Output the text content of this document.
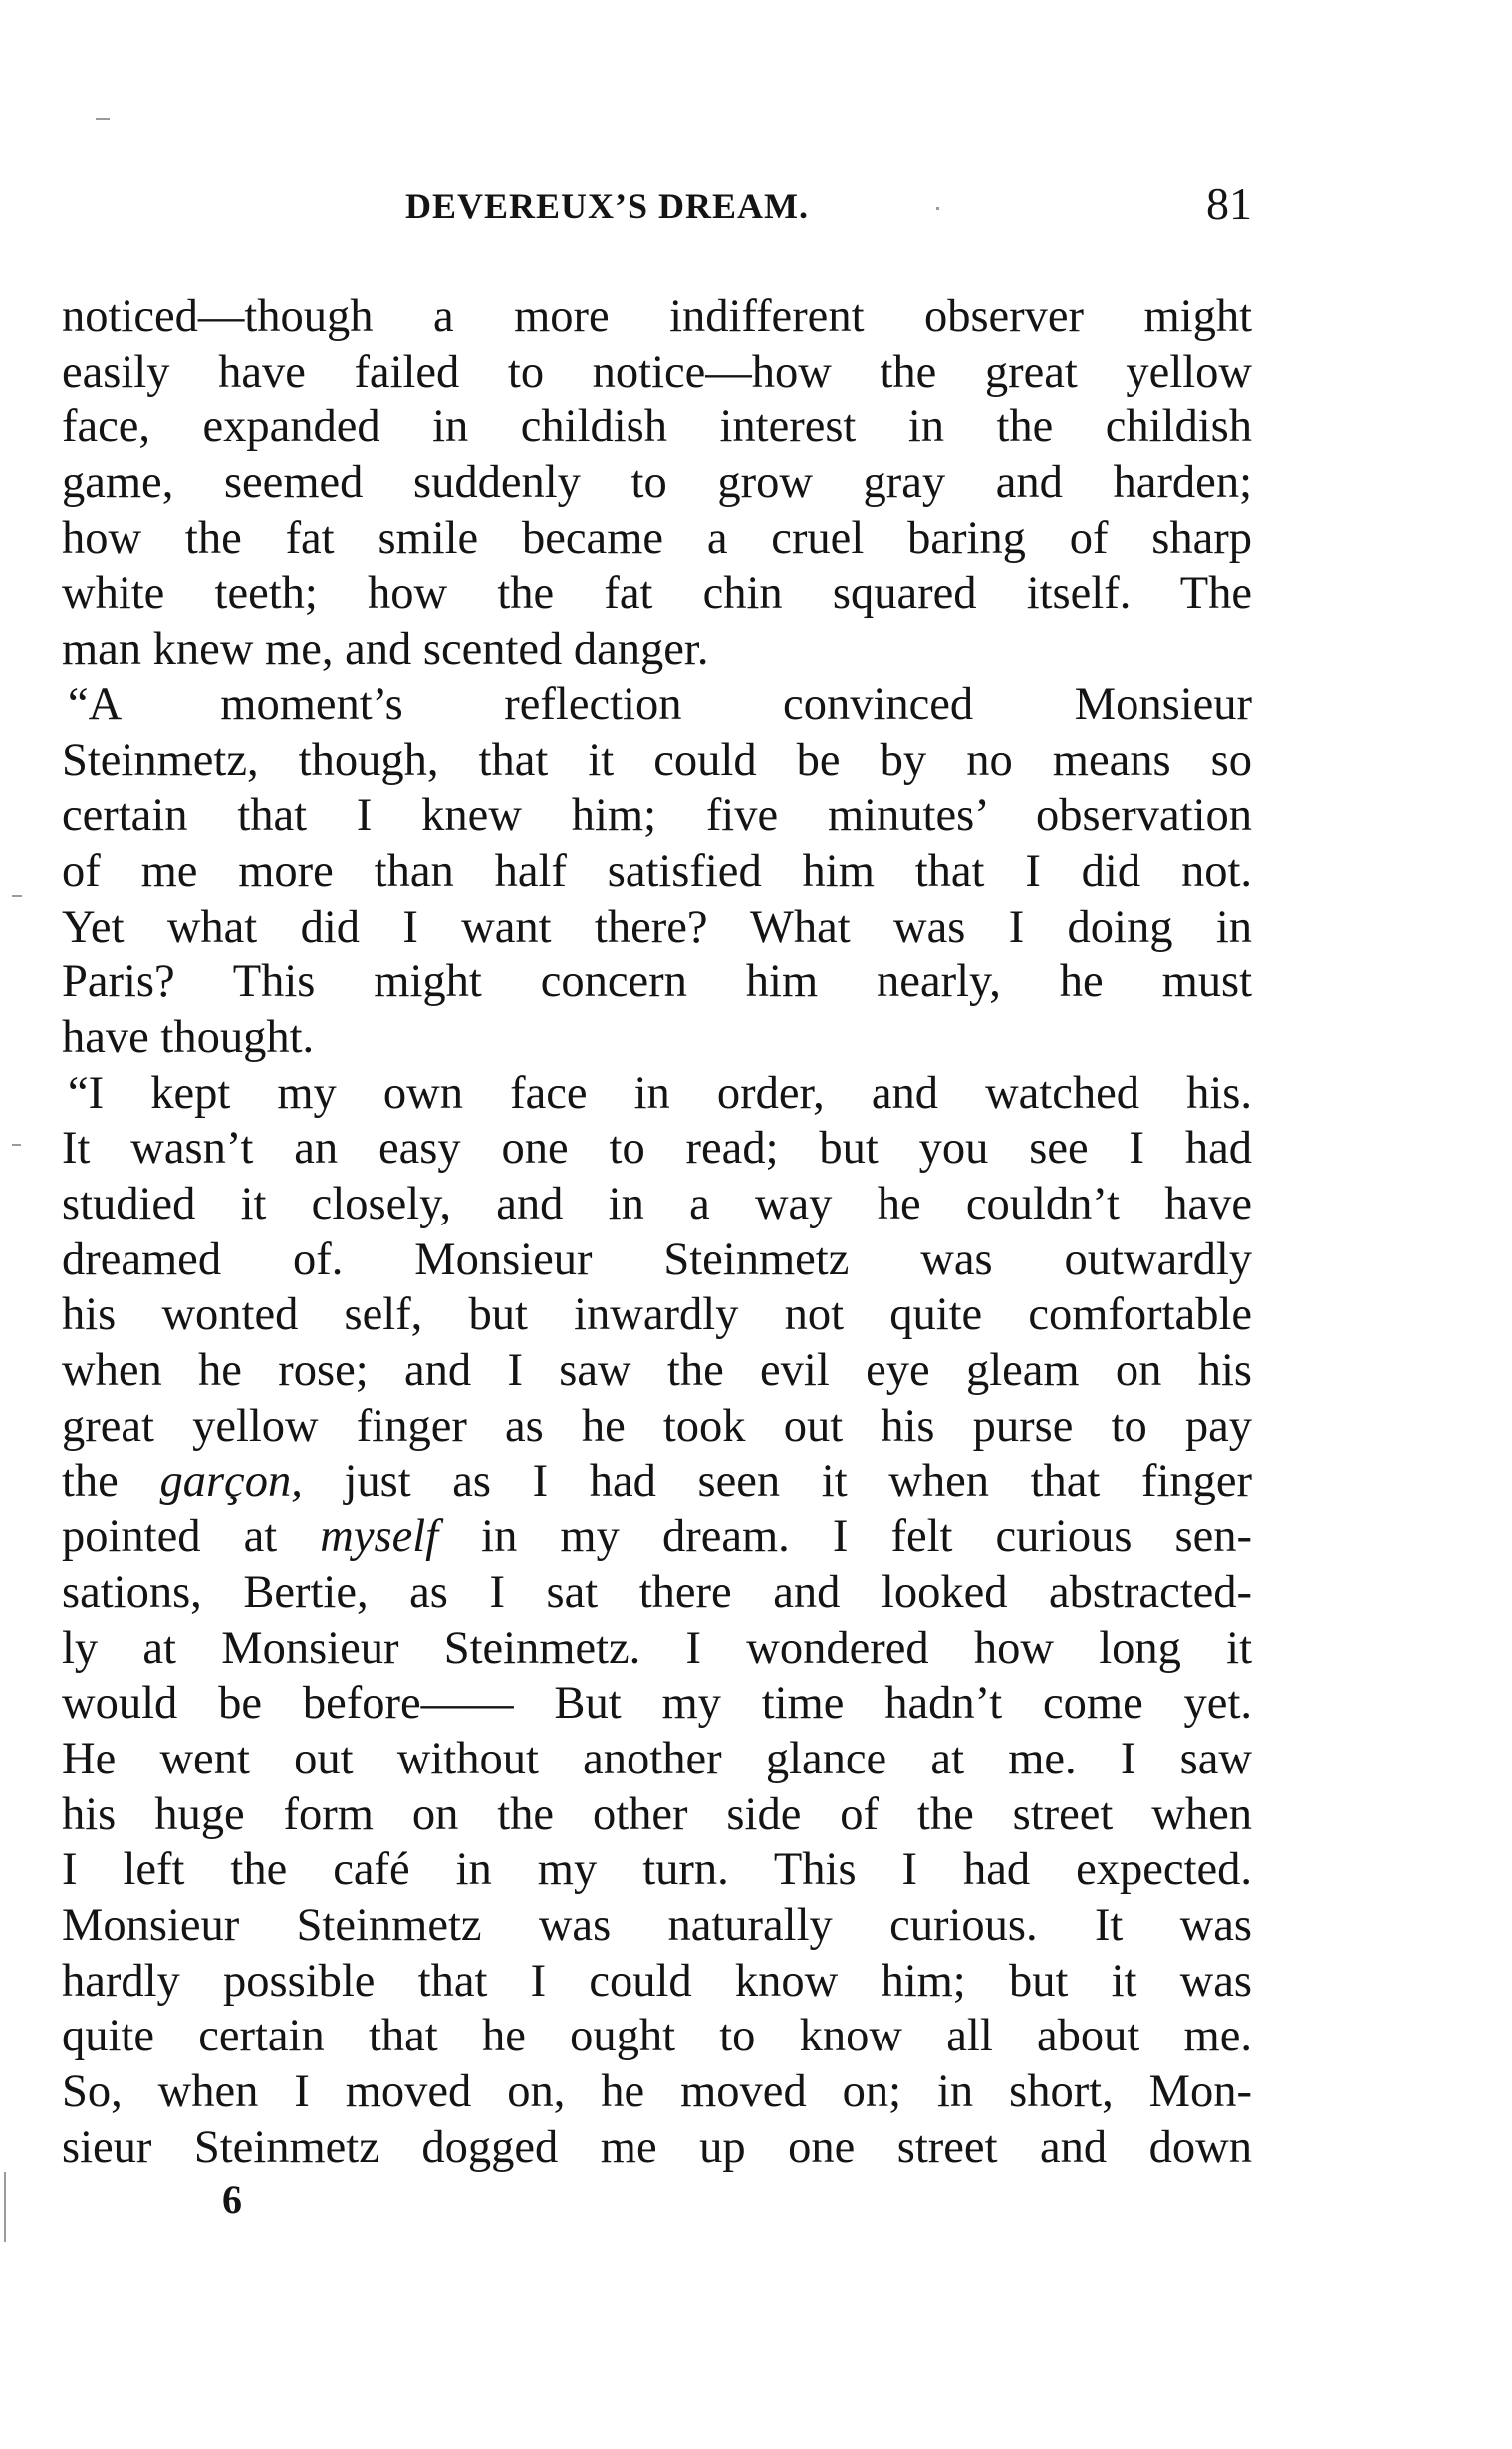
DEVEREUX’S DREAM.	81
noticed—though a more indifferent observer might
easily have failed to notice—how the great yellow
face, expanded in childish interest in the childish
game, seemed suddenly to grow gray and harden;
how the fat smile became a cruel baring of sharp
white teeth; how the fat chin squared itself. The
man knew me, and scented danger.
“A moment’s reflection convinced Monsieur
Steinmetz, though, that it could be by no means so
certain that I knew him; five minutes’ observation
of me more than half satisfied him that I did not.
Yet what did I want there? What was I doing in
Paris? This might concern him nearly, he must
have thought.
“I kept my own face in order, and watched his.
It wasn’t an easy one to read; but you see I had
studied it closely, and in a way he couldn’t have
dreamed of. Monsieur Steinmetz was outwardly
his wonted self, but inwardly not quite comfortable
when he rose; and I saw the evil eye gleam on his
great yellow finger as he took out his purse to pay
the garçon, just as I had seen it when that finger
pointed at myself in my dream. I felt curious sen-
sations, Bertie, as I sat there and looked abstracted-
ly at Monsieur Steinmetz. I wondered how long it
would be before—— But my time hadn’t come yet.
He went out without another glance at me. I saw
his huge form on the other side of the street when
I left the café in my turn. This I had expected.
Monsieur Steinmetz was naturally curious. It was
hardly possible that I could know him; but it was
quite certain that he ought to know all about me.
So, when I moved on, he moved on; in short, Mon-
sieur Steinmetz dogged me up one street and down
6
